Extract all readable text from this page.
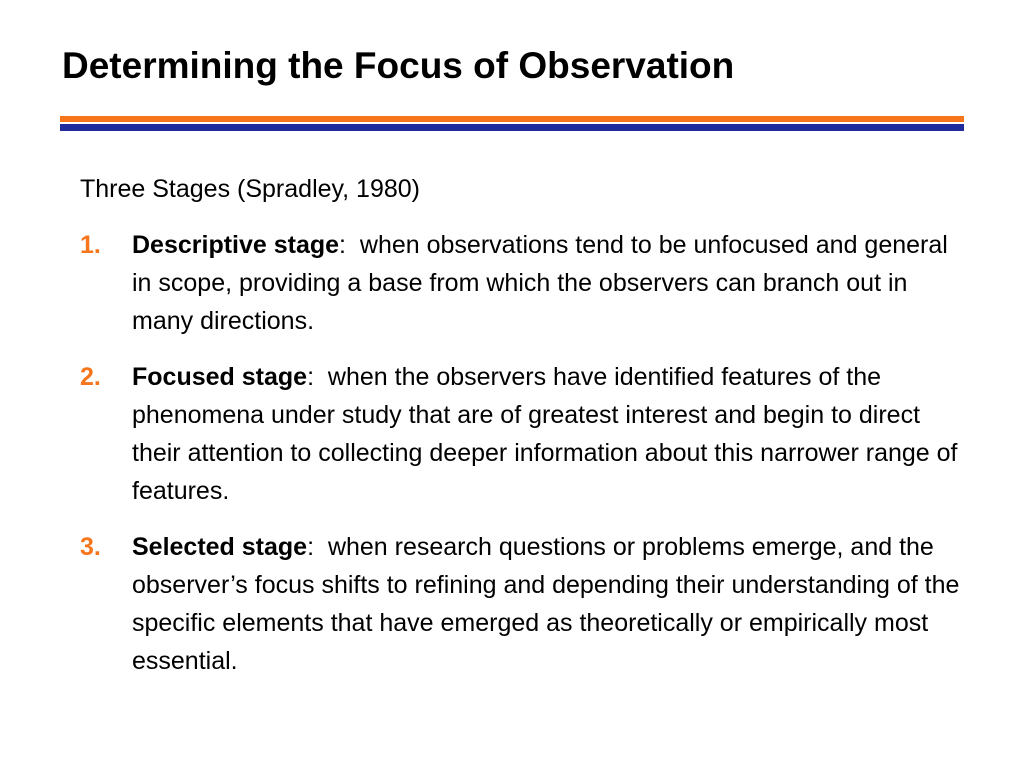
Determining the Focus of Observation
Three Stages (Spradley, 1980)
1. Descriptive stage:  when observations tend to be unfocused and general in scope, providing a base from which the observers can branch out in many directions.
2. Focused stage:  when the observers have identified features of the phenomena under study that are of greatest interest and begin to direct their attention to collecting deeper information about this narrower range of features.
3. Selected stage:  when research questions or problems emerge, and the observer’s focus shifts to refining and depending their understanding of the specific elements that have emerged as theoretically or empirically most essential.
